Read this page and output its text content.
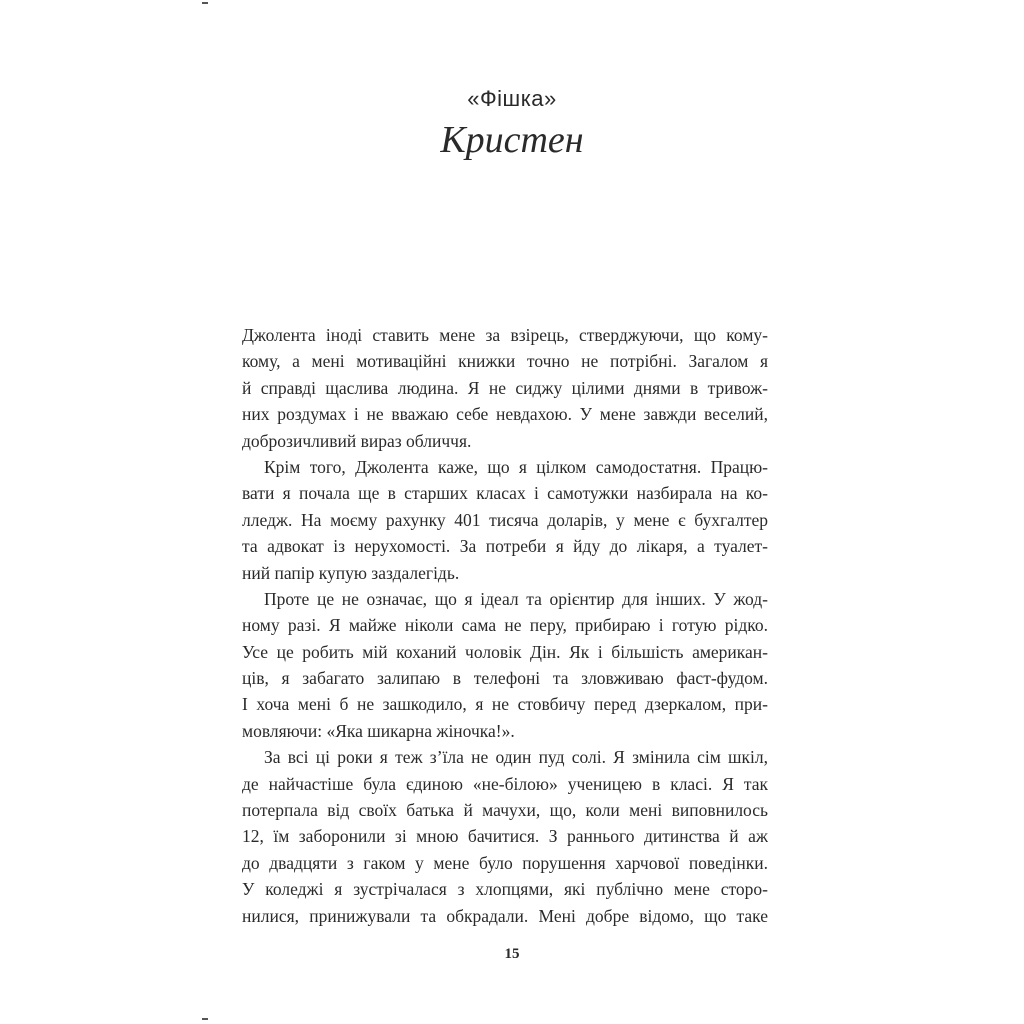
«Фішка»
Кристен
Джолента іноді ставить мене за взірець, стверджуючи, що кому-
кому, а мені мотиваційні книжки точно не потрібні. Загалом я
й справді щаслива людина. Я не сиджу цілими днями в тривож-
них роздумах і не вважаю себе невдахою. У мене завжди веселий,
доброзичливий вираз обличчя.
Крім того, Джолента каже, що я цілком самодостатня. Працю-
вати я почала ще в старших класах і самотужки назбирала на ко-
лледж. На моєму рахунку 401 тисяча доларів, у мене є бухгалтер
та адвокат із нерухомості. За потреби я йду до лікаря, а туалет-
ний папір купую заздалегідь.
Проте це не означає, що я ідеал та орієнтир для інших. У жод-
ному разі. Я майже ніколи сама не перу, прибираю і готую рідко.
Усе це робить мій коханий чоловік Дін. Як і більшість американ-
ців, я забагато залипаю в телефоні та зловживаю фаст-фудом.
І хоча мені б не зашкодило, я не стовбичу перед дзеркалом, при-
мовляючи: «Яка шикарна жіночка!».
За всі ці роки я теж з’їла не один пуд солі. Я змінила сім шкіл,
де найчастіше була єдиною «не-білою» ученицею в класі. Я так
потерпала від своїх батька й мачухи, що, коли мені виповнилось
12, їм заборонили зі мною бачитися. З раннього дитинства й аж
до двадцяти з гаком у мене було порушення харчової поведінки.
У коледжі я зустрічалася з хлопцями, які публічно мене сторо-
нилися, принижували та обкрадали. Мені добре відомо, що таке
15
